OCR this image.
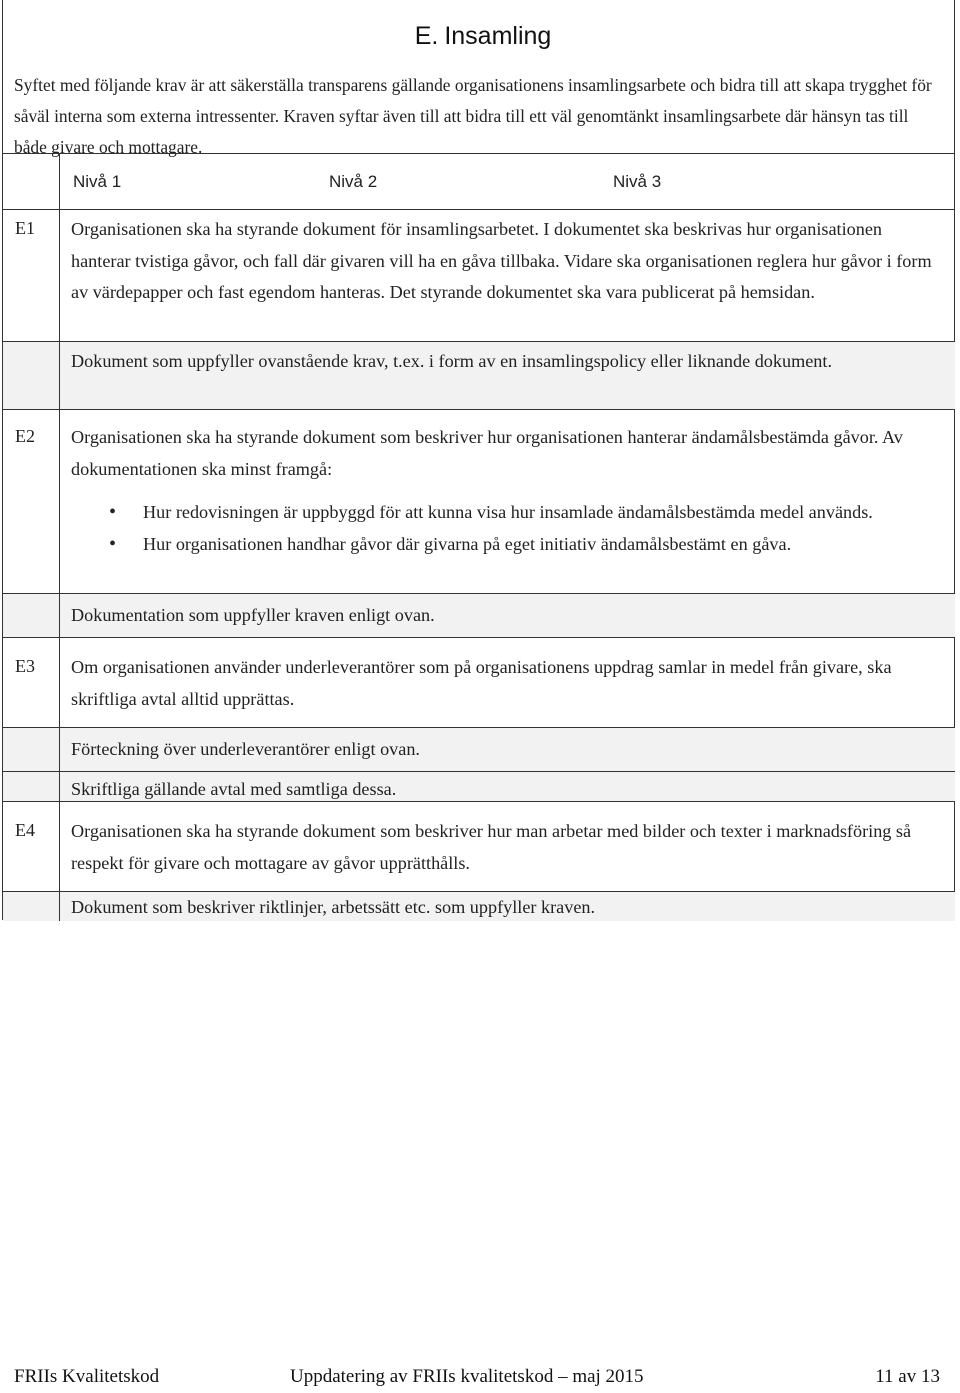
E. Insamling
Syftet med följande krav är att säkerställa transparens gällande organisationens insamlingsarbete och bidra till att skapa trygghet för såväl interna som externa intressenter. Kraven syftar även till att bidra till ett väl genomtänkt insamlingsarbete där hänsyn tas till både givare och mottagare.
Nivå 1	Nivå 2	Nivå 3
E1 Organisationen ska ha styrande dokument för insamlingsarbetet. I dokumentet ska beskrivas hur organisationen hanterar tvistiga gåvor, och fall där givaren vill ha en gåva tillbaka. Vidare ska organisationen reglera hur gåvor i form av värdepapper och fast egendom hanteras. Det styrande dokumentet ska vara publicerat på hemsidan.
Dokument som uppfyller ovanstående krav, t.ex. i form av en insamlingspolicy eller liknande dokument.
E2 Organisationen ska ha styrande dokument som beskriver hur organisationen hanterar ändamålsbestämda gåvor. Av dokumentationen ska minst framgå:
• Hur redovisningen är uppbyggd för att kunna visa hur insamlade ändamålsbestämda medel används.
• Hur organisationen handhar gåvor där givarna på eget initiativ ändamålsbestämt en gåva.
Dokumentation som uppfyller kraven enligt ovan.
E3 Om organisationen använder underleverantörer som på organisationens uppdrag samlar in medel från givare, ska skriftliga avtal alltid upprättas.
Förteckning över underleverantörer enligt ovan.
Skriftliga gällande avtal med samtliga dessa.
E4 Organisationen ska ha styrande dokument som beskriver hur man arbetar med bilder och texter i marknadsföring så respekt för givare och mottagare av gåvor upprätthålls.
Dokument som beskriver riktlinjer, arbetssätt etc. som uppfyller kraven.
FRIIs Kvalitetskod	Uppdatering av FRIIs kvalitetskod – maj 2015	11 av 13
